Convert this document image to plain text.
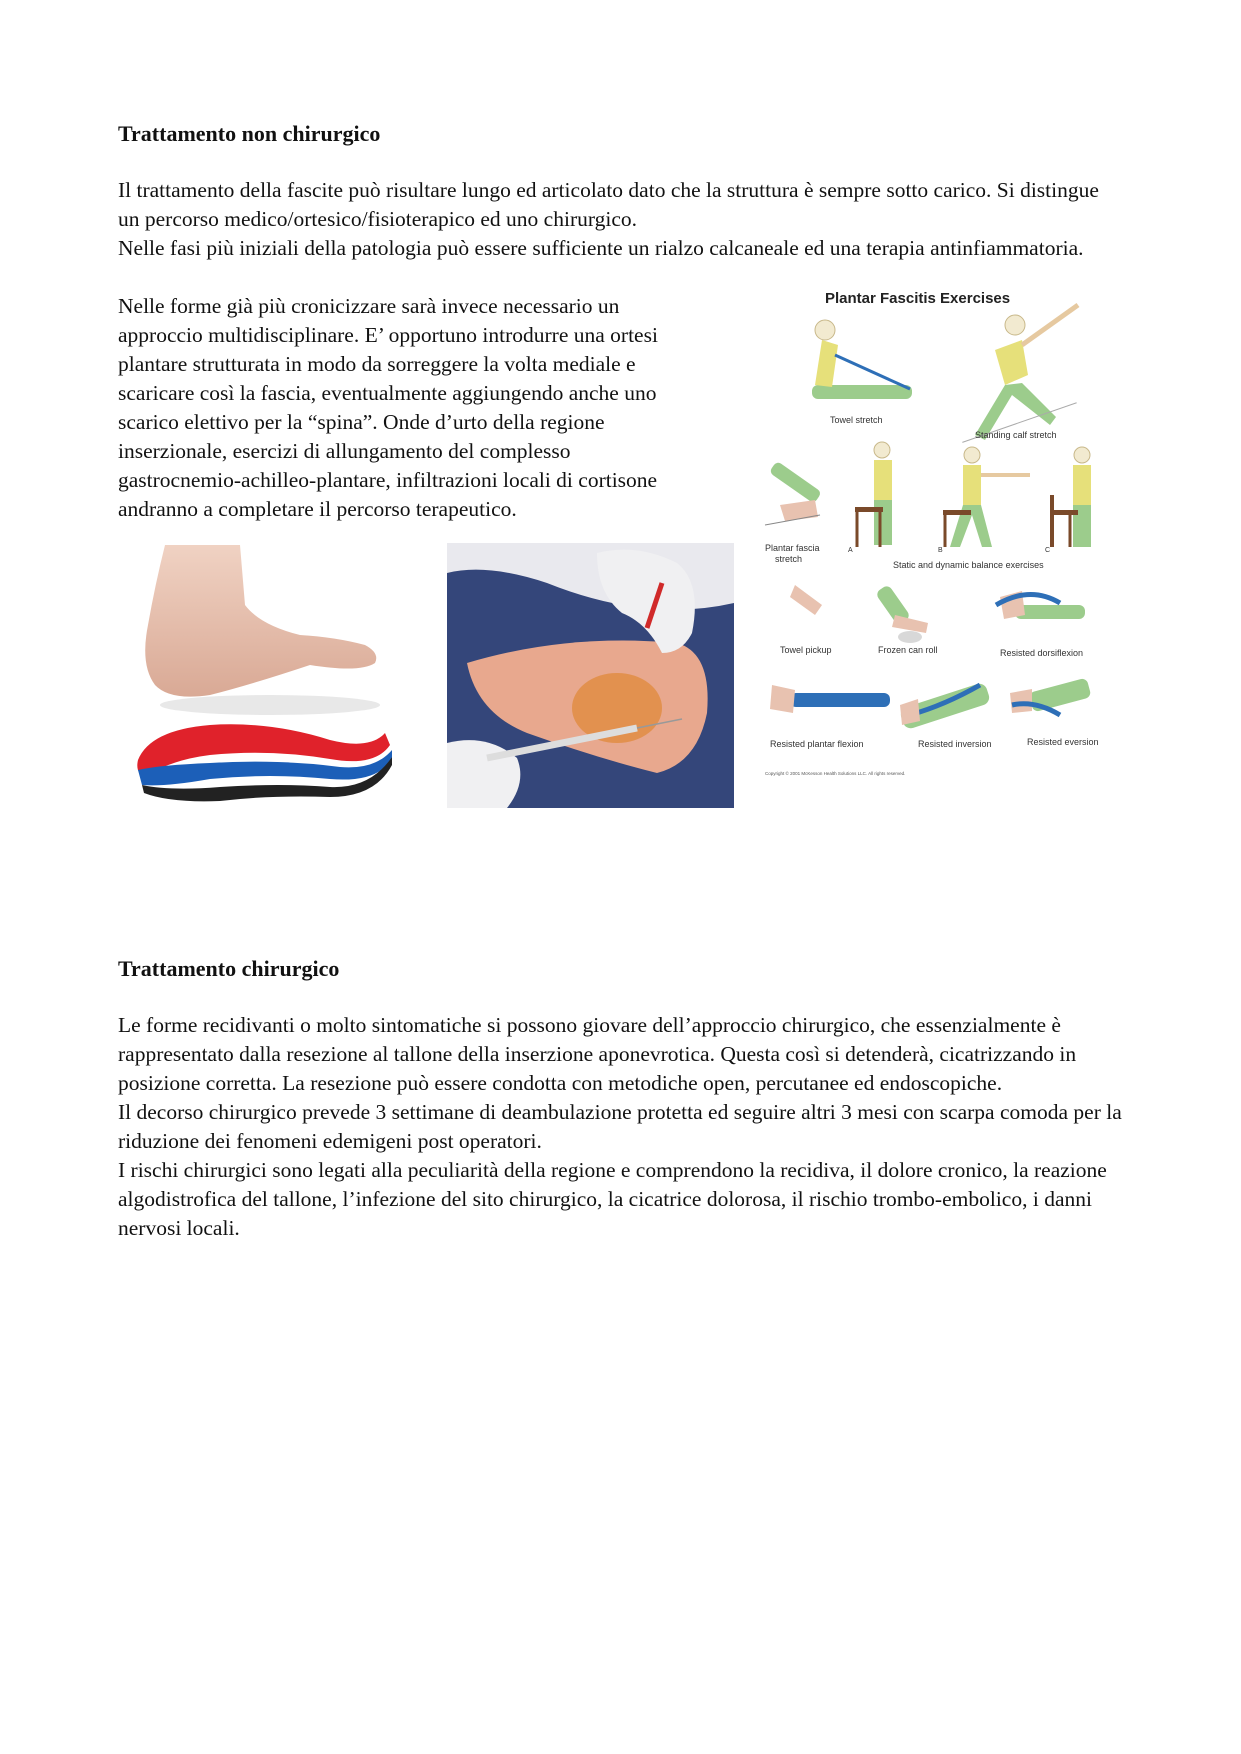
Trattamento non chirurgico

Il trattamento della fascite può risultare lungo ed articolato dato che la struttura è sempre sotto carico. Si distingue un percorso medico/ortesico/fisioterapico ed uno chirurgico.

Nelle fasi più iniziali della patologia può essere sufficiente un rialzo calcaneale ed una terapia antinfiammatoria.

Nelle forme già più cronicizzare sarà invece necessario un
approccio multidisciplinare. E’ opportuno introdurre una ortesi
plantare strutturata in modo da sorreggere la volta mediale e
scaricare così la fascia, eventualmente aggiungendo anche uno
scarico elettivo per la “spina”. Onde d’urto della regione
inserzionale, esercizi di allungamento del complesso
gastrocnemio-achilleo-plantare, infiltrazioni locali di cortisone
andranno a completare il percorso terapeutico.
Plantar Fascitis Exercises
Towel stretch
Standing calf stretch
Plantar fascia
stretch
A	B	C
Static and dynamic balance exercises
Towel pickup	Frozen can roll	Resisted dorsiflexion
Resisted plantar flexion	Resisted inversion	Resisted eversion
Copyright © 2001 McKesson Health Solutions LLC. All rights reserved.
Trattamento chirurgico

Le forme recidivanti o molto sintomatiche si possono giovare dell’approccio chirurgico, che essenzialmente è rappresentato dalla resezione al tallone della inserzione aponevrotica. Questa così si detenderà, cicatrizzando in posizione corretta. La resezione può essere condotta con metodiche open, percutanee ed endoscopiche.

Il decorso chirurgico prevede 3 settimane di deambulazione protetta ed seguire altri 3 mesi con scarpa comoda per la riduzione dei fenomeni edemigeni post operatori.

I rischi chirurgici sono legati alla peculiarità della regione e comprendono la recidiva, il dolore cronico, la reazione algodistrofica del tallone, l’infezione del sito chirurgico, la cicatrice dolorosa, il rischio trombo-embolico, i danni nervosi locali.
